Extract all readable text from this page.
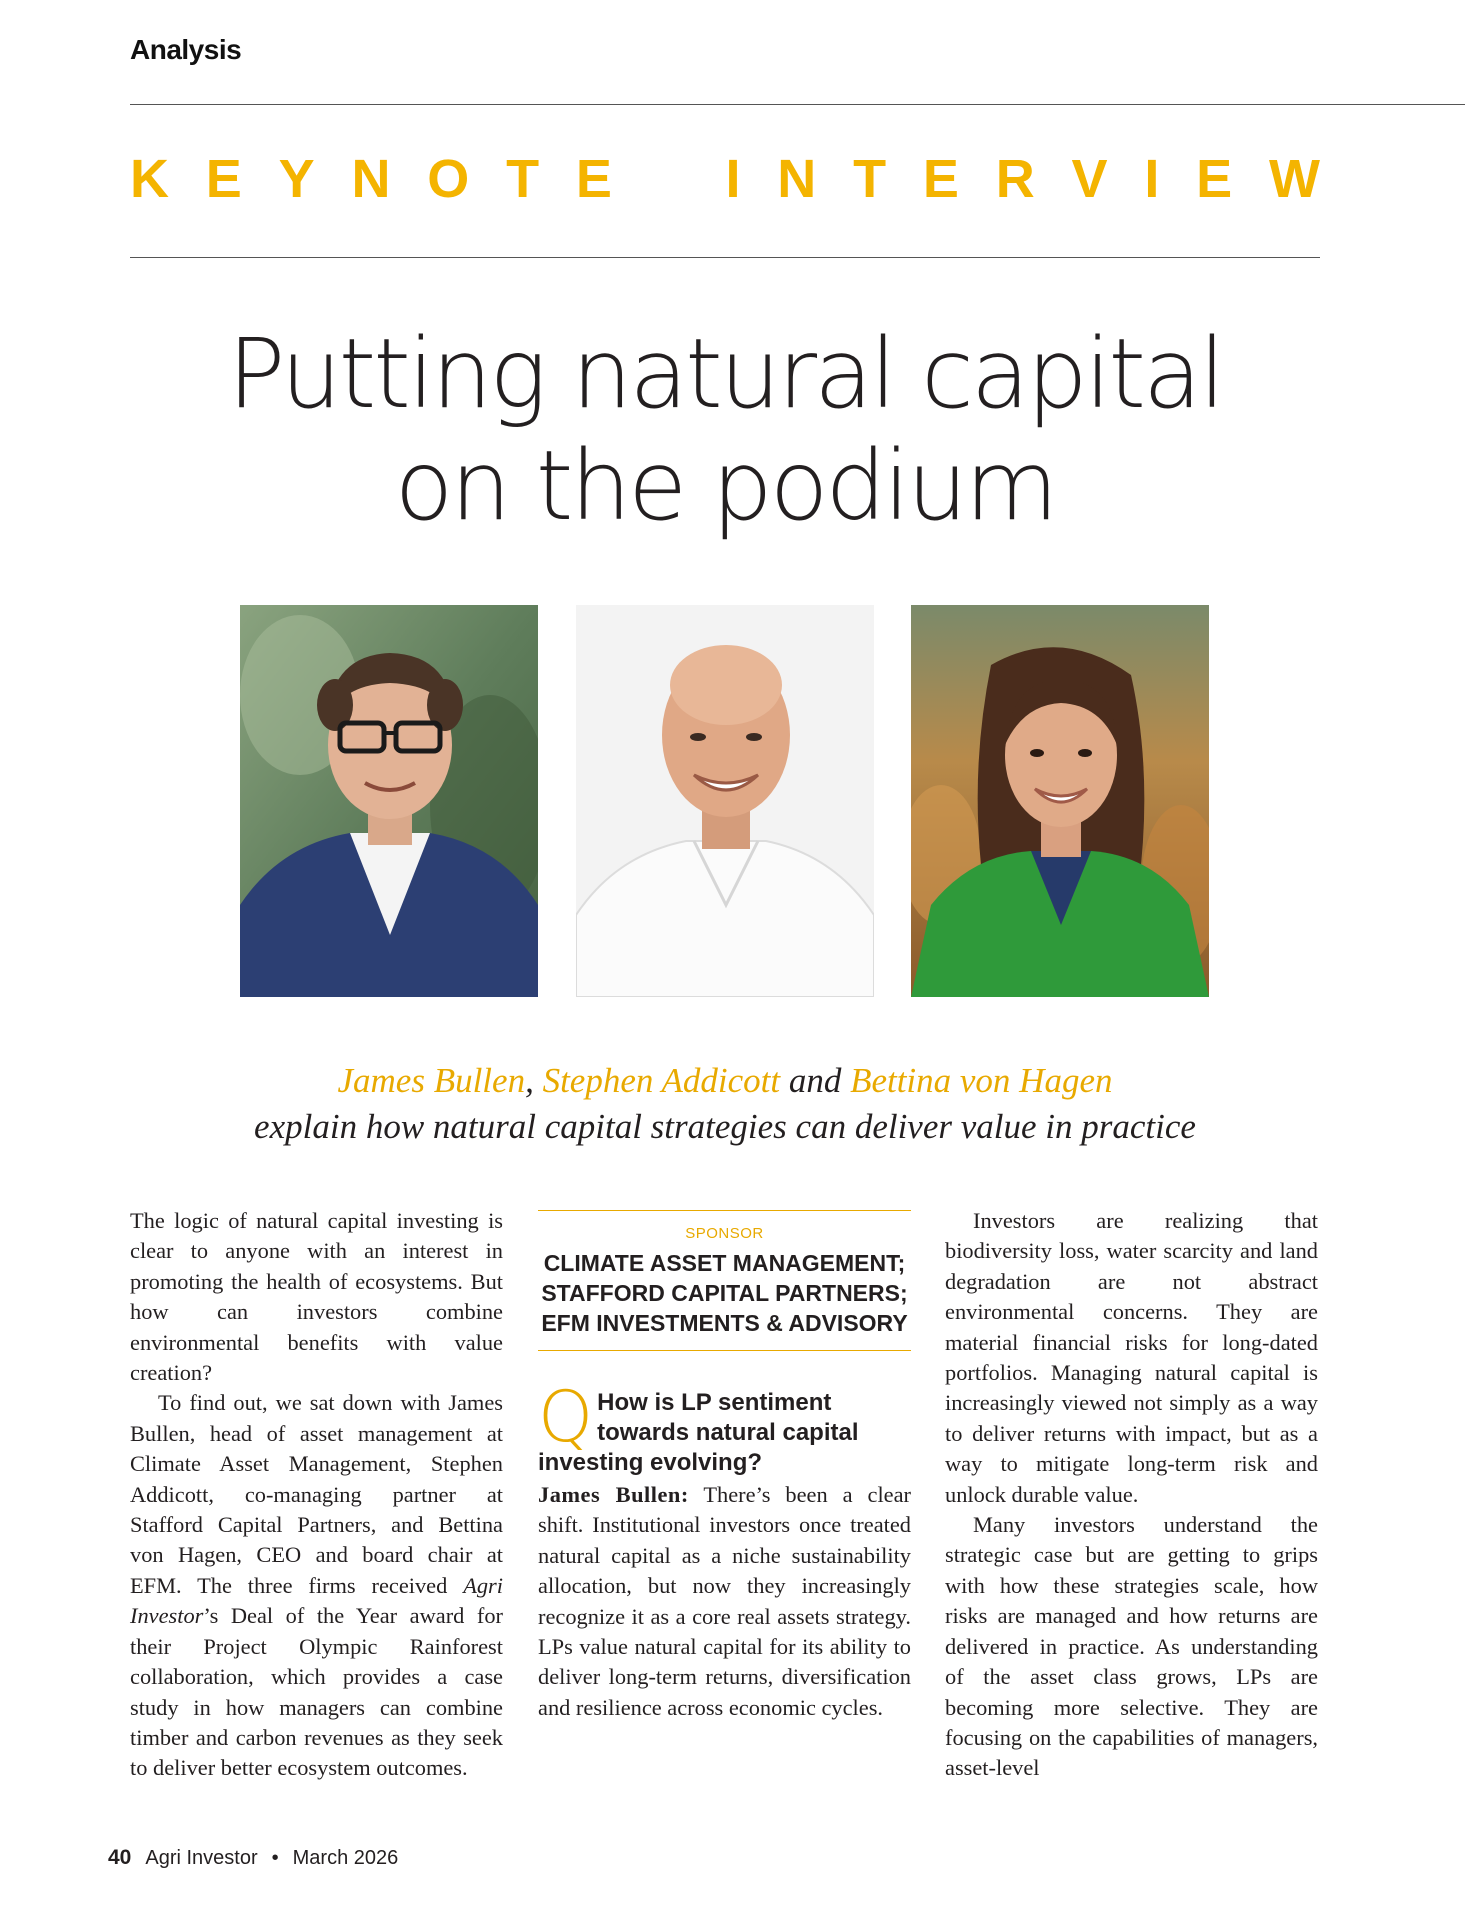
Analysis
K E Y N O T E I N T E R V I E W
Putting natural capital
on the podium
James Bullen, Stephen Addicott and Bettina von Hagen
explain how natural capital strategies can deliver value in practice

The logic of natural capital investing is clear to anyone with an interest in promoting the health of ecosystems. But how can investors combine environmental benefits with value creation?

To find out, we sat down with James Bullen, head of asset management at Climate Asset Management, Stephen Addicott, co-managing partner at Stafford Capital Partners, and Bettina von Hagen, CEO and board chair at EFM. The three firms received Agri Investor’s Deal of the Year award for their Project Olympic Rainforest collaboration, which provides a case study in how managers can combine timber and carbon revenues as they seek to deliver better ecosystem outcomes.

SPONSOR
CLIMATE ASSET MANAGEMENT;
STAFFORD CAPITAL PARTNERS;
EFM INVESTMENTS & ADVISORY
Q How is LP sentiment towards natural capital investing evolving?
James Bullen: There’s been a clear shift. Institutional investors once treated natural capital as a niche sustainability allocation, but now they increasingly recognize it as a core real assets strategy. LPs value natural capital for its ability to deliver long-term returns, diversification and resilience across economic cycles.

Investors are realizing that biodiversity loss, water scarcity and land degradation are not abstract environmental concerns. They are material financial risks for long-dated portfolios. Managing natural capital is increasingly viewed not simply as a way to deliver returns with impact, but as a way to mitigate long-term risk and unlock durable value.

Many investors understand the strategic case but are getting to grips with how these strategies scale, how risks are managed and how returns are delivered in practice. As understanding of the asset class grows, LPs are becoming more selective. They are focusing on the capabilities of managers, asset-level

40 Agri Investor • March 2026
